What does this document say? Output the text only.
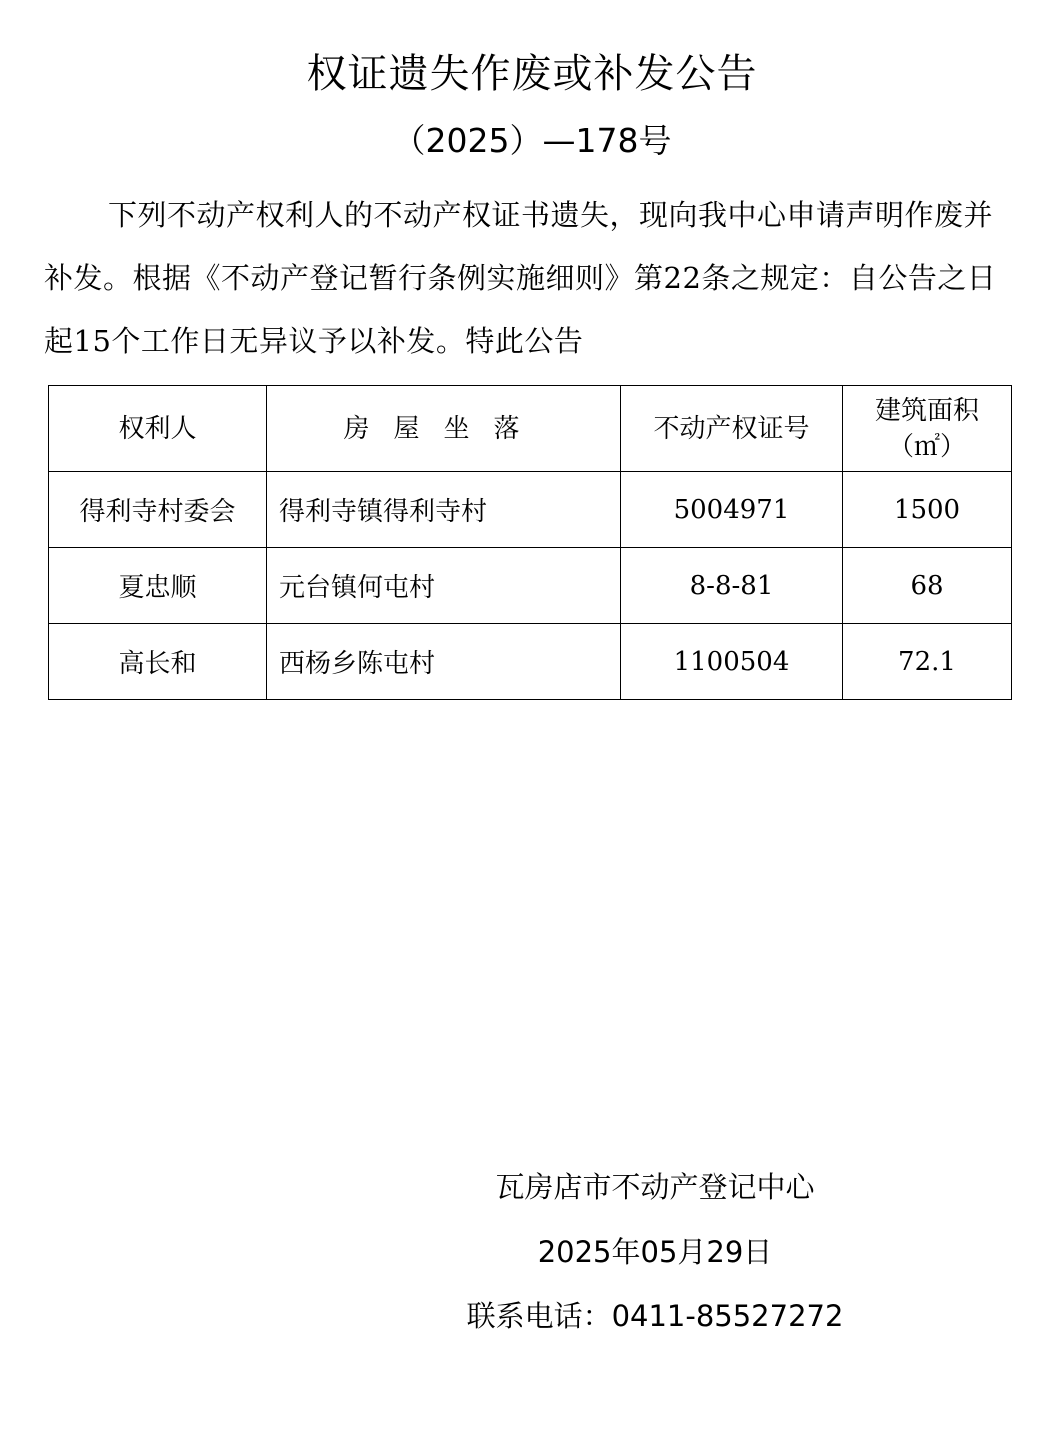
权证遗失作废或补发公告
（2025）—178号
下列不动产权利人的不动产权证书遗失，现向我中心申请声明作废并补发。根据《不动产登记暂行条例实施细则》第22条之规定：自公告之日起15个工作日无异议予以补发。特此公告
权利人	房屋坐落	不动产权证号	建筑面积（㎡）
得利寺村委会	得利寺镇得利寺村	5004971	1500
夏忠顺	元台镇何屯村	8-8-81	68
高长和	西杨乡陈屯村	1100504	72.1
瓦房店市不动产登记中心
2025年05月29日
联系电话：0411-85527272
